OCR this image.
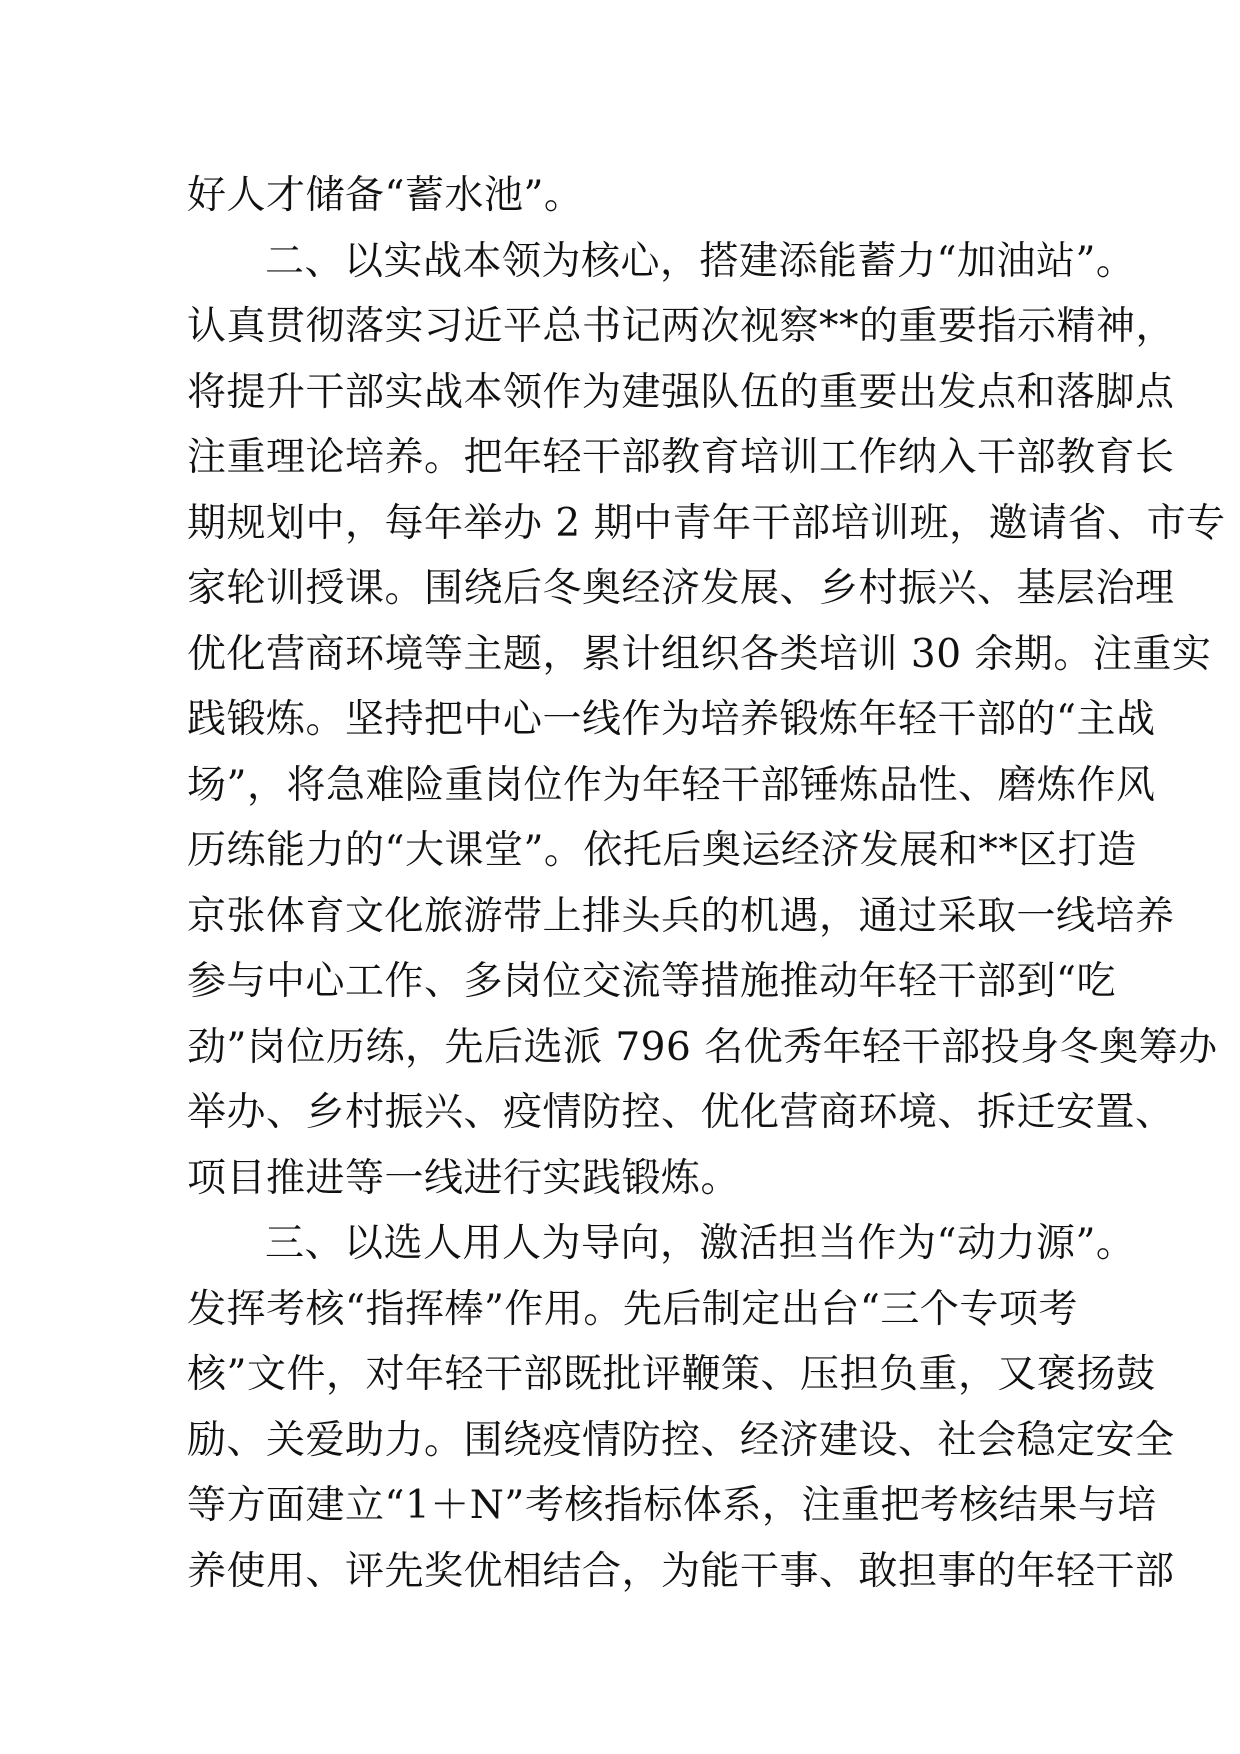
好人才储备“蓄水池”。
二、以实战本领为核心，搭建添能蓄力“加油站”。
认真贯彻落实习近平总书记两次视察**的重要指示精神，
将提升干部实战本领作为建强队伍的重要出发点和落脚点
注重理论培养。把年轻干部教育培训工作纳入干部教育长
期规划中，每年举办 2 期中青年干部培训班，邀请省、市专
家轮训授课。围绕后冬奥经济发展、乡村振兴、基层治理
优化营商环境等主题，累计组织各类培训 30 余期。注重实
践锻炼。坚持把中心一线作为培养锻炼年轻干部的“主战
场”，将急难险重岗位作为年轻干部锤炼品性、磨炼作风
历练能力的“大课堂”。依托后奥运经济发展和**区打造
京张体育文化旅游带上排头兵的机遇，通过采取一线培养
参与中心工作、多岗位交流等措施推动年轻干部到“吃
劲”岗位历练，先后选派 796 名优秀年轻干部投身冬奥筹办
举办、乡村振兴、疫情防控、优化营商环境、拆迁安置、
项目推进等一线进行实践锻炼。
三、以选人用人为导向，激活担当作为“动力源”。
发挥考核“指挥棒”作用。先后制定出台“三个专项考
核”文件，对年轻干部既批评鞭策、压担负重，又褒扬鼓
励、关爱助力。围绕疫情防控、经济建设、社会稳定安全
等方面建立“1＋N”考核指标体系，注重把考核结果与培
养使用、评先奖优相结合，为能干事、敢担事的年轻干部
